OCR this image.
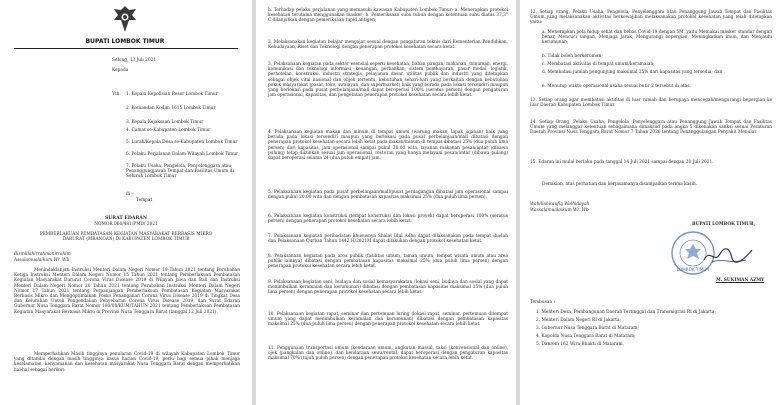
BUPATI LOMBOK TIMUR
Selong, 13 Juli 2021
Kepada
Yth. 1. Kepala Kepolisian Resor Lombok Timur
2. Komandan Kodim 1615 Lombok Timur
3. Kepala Kejaksaan Lombok Timur
4. Camat se-Kabupaten Lombok Timur
5. Lurah/Kepala Desa se-Kabupaten Lombok Timur
6. Pelaku Perjalanan Dalam Wilayah Lombok Timur
7. Pelaku Usaha, Pengelola, Penyelenggara atau Penanggungjawab Tempat dan Fasilitas Umum di Seluruh Lombok Timur
di -
Tempat
SURAT EDARAN
NOMOR 060/481/PMD/ 2021
PEMBERLAKUAN PEMBATASAN KEGIATAN MASYARAKAT BERBASIS MIKRO DARURAT (MBANGAN) DI KABUPATEN LOMBOK TIMUR
Bismillahirrahmanirrahim
Assalamualaikum Wr. Wb
Menindaklanjuti Instruksi Menteri Dalam Negeri Nomor 19 Tahun 2021 tentang Perubahan Ketiga Instruksi Menteri Dalam Negeri Nomor 15 Tahun 2021 tentang Pemberlakuan Pembatasan Kegiatan Masyarakat Darurat Corona Virus Disease 2019 di Wilayah Jawa dan Bali dan Instruksi Menteri Dalam Negeri Nomor 20 Tahun 2021 tentang Perubahan Instruksi Menteri Dalam Negeri Nomor 17 Tahun 2021 tentang Perpanjangan Pemberlakuan Pembatasan Kegiatan Masyarakat Berbasis Mikro dan Mengoptimalkan Posko Penanganan Corona Virus Disease 2019 di Tingkat Desa dan Kelurahan Untuk Pengendalian Penyebaran Corona Virus Disease 2019, dan Surat Edaran Gubernur Nusa Tenggara Barat Nomor 180/08/KUM/TAHUN 2021 tentang Pemberlakuan Pembatasan Kegiatan Masyarakat Berbasis Mikro di Provinsi Nusa Tenggara Barat (tanggal 12 Juli 2021),
Memperhatikan Masih tingginya penularan Covid-19 di wilayah Kabupaten Lombok Timur yang ditandai dengan masih tingginya kasus harian Covid-19, perlu bagi semua pihak menjaga keselamatan, kenyamanan dan kesehatan masyarakat Nusa Tenggara Barat dengan memperhatikan hal-hal sebagai berikut:
b. Terhadap pelaku perjalanan yang memasuki kawasan Kabupaten Lombok Timur: a. Menerapkan protokol kesehatan terutama menggunakan masker; b. Pemeriksaan suhu tubuh dengan ketentuan suhu diatas 37,3° C dilanjutkan dengan pemeriksaan rapid antigen;
2. Melaksanakan kegiatan belajar mengajar sesuai dengan pengaturan teknis dari Kementerian Pendidikan, Kebudayaan, Riset dan Teknologi dengan penerapan protokol kesehatan secara ketat.
3. Pelaksanaan kegiatan pada sektor esensial seperti kesehatan, bahan pangan, makanan, minuman, energi, komunikasi dan teknologi informasi, keuangan, perbankan, sistem pembayaran, pasar modal, logistik, perhotelan, konstruksi, industri strategis, pelayanan dasar, utilitas publik dan industri yang ditetapkan sebagai objek vital nasional dan objek tertentu, kebutuhan sehari-hari yang berkaitan dengan kebutuhan pokok masyarakat (pasar, toko, swalayan, dan supermarket) baik yang berada pada lokasi tersendiri maupun yang berlokasi pada pusat perbelanjaan/mall dapat beroperasi 100% (seratus persen) dengan pengaturan jam operasional, kapasitas, dan pengetatan penerapan protokol kesehatan secara lebih ketat.
4. Pelaksanaan kegiatan makan dan minum di tempat umum (warung makan, lapak jajanan) baik yang berada pada lokasi tersendiri maupun yang berlokasi pada pusat perbelanjaan/mall dibatasi dengan penerapan protokol kesehatan secara lebih ketat pada makan/minum di tempat dibatasi 25% (dua puluh lima persen) dari kapasitas, jam operasional sampai pukul 20.00 wita, layanan makanan pesan/antar (dibawa pulang) tetap diizinkan sesuai jam operasional, restoran yang hanya melayani pesan/antar (dibawa pulang) dapat beroperasi selama 24 (dua puluh empat) jam.
5. Pelaksanaan kegiatan pada pusat perbelanjaan/mall/pusat perdagangan dibatasi jam operasional sampai dengan pukul 20.00 wita dan dengan pembatasan kapasitas maksimal 25% (dua puluh lima persen).
6. Pelaksanaan kegiatan konstruksi (tempat konstruksi dan lokasi proyek) dapat beroperasi 100% (seratus persen) dengan penerapan protokol kesehatan secara lebih ketat.
7. Pelaksanaan kegiatan peribadatan khususnya Shalat Idul Adha dapat dilaksanakan pada tempat ibadah dan Pelaksanaan Qurban Tahun 1442 H/2021M dapat dilakukan dengan protokol kesehatan ketat.
8. Pelaksanaan kegiatan pada area publik (fasilitas umum, taman umum, tempat wisata umum atau area publik lainnya) dibatasi dengan pembatasan kapasitas maksimal 25% (dua puluh lima persen) dengan penerapan protokol kesehatan secara lebih ketat.
9. Pelaksanaan kegiatan seni, budaya dan sosial kemasyarakatan (lokasi seni, budaya dan sosial yang dapat menimbulkan keramaian dan kerumunan) dibatasi dengan pembatasan kapasitas maksimal 25% (dua puluh lima persen) dengan penerapan protokol kesehatan secara lebih ketat.
10. Pelaksanaan kegiatan rapat, seminar dan pertemuan luring (lokasi rapat, seminar, pertemuan ditempat umum yang dapat menimbulkan keramaian dan kerumunan) dibatasi dengan pembatasan kapasitas maksimal 25% (dua puluh lima persen) dengan penerapan protokol kesehatan secara lebih ketat.
11. Penggunaan transportasi umum (kendaraan umum, angkutan massal, taksi (konvensional dan online), ojek (pangkalan dan online), dan kendaraan sewa/rental, dapat beroperasi dengan pengaturan kapasitas maksimal 70% (tujuh puluh persen) dengan penerapan protokol kesehatan secara lebih ketat.
12. Setiap orang, Pelaku Usaha, Pengelola, Penyelenggara atau Penanggung Jawab Tempat dan Fasilitas Umum yang melaksanakan aktivitas berkewajiban melaksanakan protokol kesehatan yang telah ditetapkan yaitu:
a. Menerapkan pola hidup sehat dan bebas Covid-19 dengan 5M, yaitu Memakai masker standar dengan benar, Mencuci tangan, Menjaga Jarak, Mengurangi bepergian, Meningkatkan imun, dan Menjauhi kerumunan;
b. Tidak boleh berkerumun;
c. Membatasi aktivitas di tempat umum/keramaian;
d. Membatasi jumlah pengunjung maksimal 25% dari kapasitas yang tersedia; dan
e. Menutup waktu operasional usaha sesuai butir 2 tersebut di atas.
13. Setiap orang agar membatasi aktifitas di luar rumah dan berupaya mencegah/mengurangi bepergian ke luar Daerah Kabupaten Lombok Timur.
14. Setiap Orang, Pelaku Usaha, Pengelola, Penyelenggara atau Penanggung Jawab Tempat dan Fasilitas Umum yang melanggar ketentuan sebagaimana dimaksud pada angka 5 dikenakan sanksi sesuai Peraturan Daerah Provinsi Nusa Tenggara Barat Nomor 7 Tahun 2020 tentang Penanggulangan Penyakit Menular.
15. Edaran ini mulai berlaku pada tanggal 14 Juli 2021 sampai dengan 20 Juli 2021.
Demikian, atas perhatian dan kerjasamanya disampaikan terima kasih.
Wabillahitaufiq Walhidayah
Wassalamualaikum Wr. Wb
BUPATI LOMBOK TIMUR,
LOMBOK TIMUR
M. SUKIMAN AZMY
Tembusan :
1. Menteri Desa, Pembangunan Daerah Tertinggal dan Transmigrasi RI di Jakarta;
2. Menteri Dalam Negeri RI di Jakarta;
3. Gubernur Nusa Tenggara Barat di Mataram;
4. Kapolda Nusa Tenggara Barat di Mataram;
5. Danrem 162 Wira Bhakti di Mataram.
